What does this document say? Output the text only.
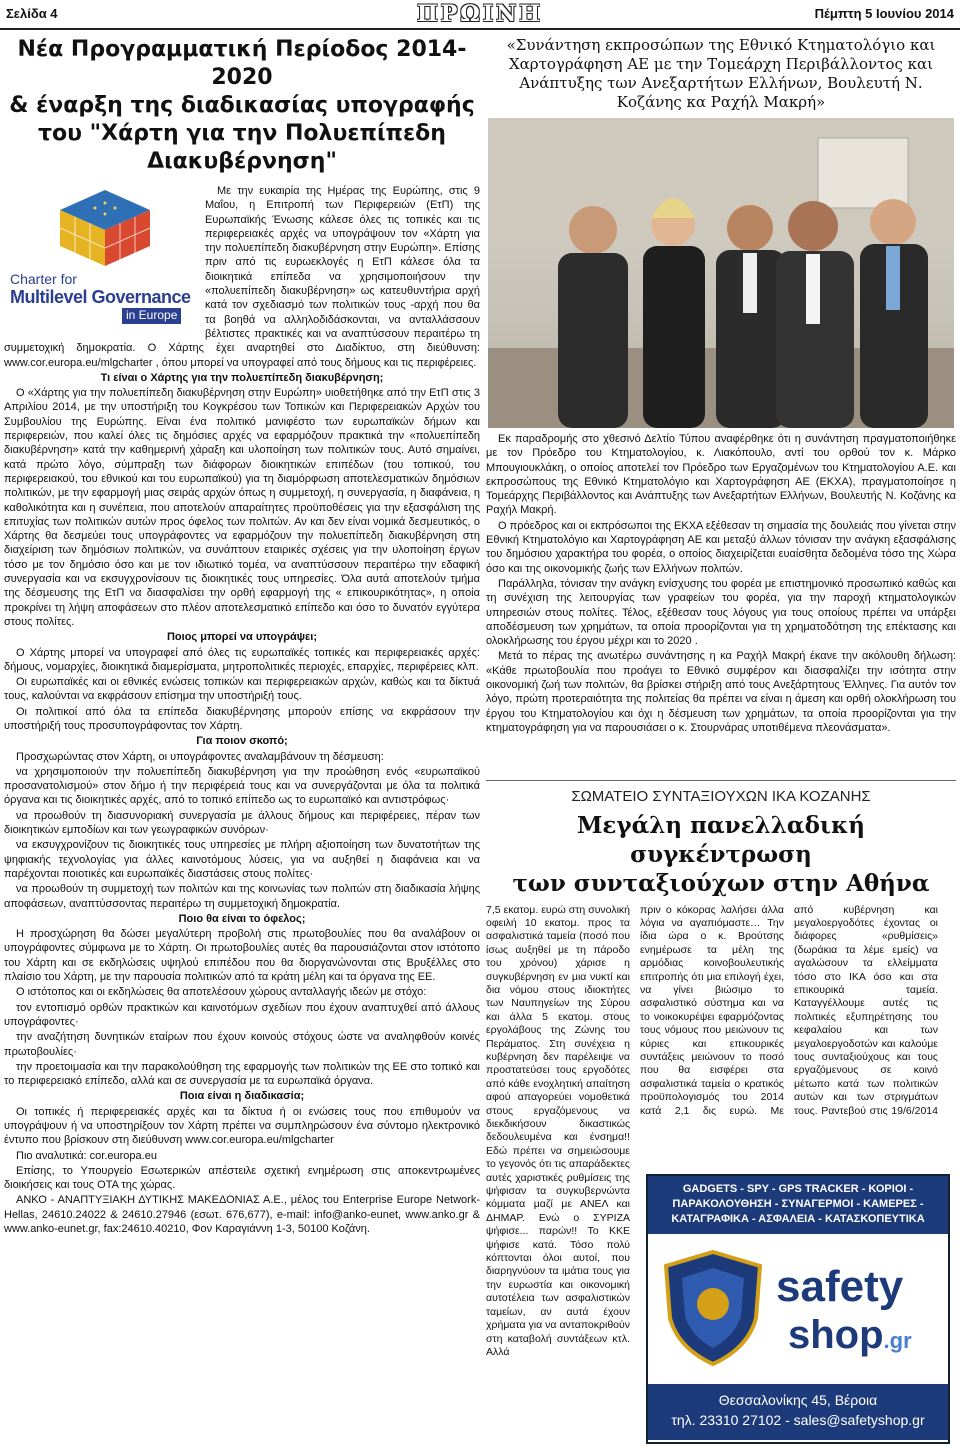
Σελίδα 4	ΠΡΩΙΝΗ	Πέμπτη 5 Ιουνίου 2014
Νέα Προγραμματική Περίοδος 2014-2020
& έναρξη της διαδικασίας υπογραφής
του "Χάρτη για την Πολυεπίπεδη
Διακυβέρνηση"
Charter for
Multilevel Governance
in Europe

Με την ευκαιρία της Ημέρας της Ευρώπης, στις 9 Μαΐου, η Επιτροπή των Περιφερειών (ΕτΠ) της Ευρωπαϊκής Ένωσης κάλεσε όλες τις τοπικές και τις περιφερειακές αρχές να υπογράψουν τον «Χάρτη για την πολυεπίπεδη διακυβέρνηση στην Ευρώπη». Επίσης πριν από τις ευρωεκλογές η ΕτΠ κάλεσε όλα τα διοικητικά επίπεδα να χρησιμοποιήσουν την «πολυεπίπεδη διακυβέρνηση» ως κατευθυντήρια αρχή κατά τον σχεδιασμό των πολιτικών τους -αρχή που θα τα βοηθά να αλληλοδιδάσκονται, να ανταλλάσσουν βέλτιστες πρακτικές και να αναπτύσσουν περαιτέρω τη συμμετοχική δημοκρατία. Ο Χάρτης έχει αναρτηθεί στο Διαδίκτυο, στη διεύθυνση: www.cor.europa.eu/mlgcharter , όπου μπορεί να υπογραφεί από τους δήμους και τις περιφέρειες.

Τι είναι ο Χάρτης για την πολυεπίπεδη διακυβέρνηση;

Ο «Χάρτης για την πολυεπίπεδη διακυβέρνηση στην Ευρώπη» υιοθετήθηκε από την ΕτΠ στις 3 Απριλίου 2014, με την υποστήριξη του Κογκρέσου των Τοπικών και Περιφερειακών Αρχών του Συμβουλίου της Ευρώπης. Είναι ένα πολιτικό μανιφέστο των ευρωπαϊκών δήμων και περιφερειών, που καλεί όλες τις δημόσιες αρχές να εφαρμόζουν πρακτικά την «πολυεπίπεδη διακυβέρνηση» κατά την καθημερινή χάραξη και υλοποίηση των πολιτικών τους. Αυτό σημαίνει, κατά πρώτο λόγο, σύμπραξη των διάφορων διοικητικών επιπέδων (του τοπικού, του περιφερειακού, του εθνικού και του ευρωπαϊκού) για τη διαμόρφωση αποτελεσματικών δημόσιων πολιτικών, με την εφαρμογή μιας σειράς αρχών όπως η συμμετοχή, η συνεργασία, η διαφάνεια, η καθολικότητα και η συνέπεια, που αποτελούν απαραίτητες προϋποθέσεις για την εξασφάλιση της επιτυχίας των πολιτικών αυτών προς όφελος των πολιτών. Αν και δεν είναι νομικά δεσμευτικός, ο Χάρτης θα δεσμεύει τους υπογράφοντες να εφαρμόζουν την πολυεπίπεδη διακυβέρνηση στη διαχείριση των δημόσιων πολιτικών, να συνάπτουν εταιρικές σχέσεις για την υλοποίηση έργων τόσο με τον δημόσιο όσο και με τον ιδιωτικό τομέα, να αναπτύσσουν περαιτέρω την εδαφική συνεργασία και να εκσυγχρονίσουν τις διοικητικές τους υπηρεσίες. Όλα αυτά αποτελούν τμήμα της δέσμευσης της ΕτΠ να διασφαλίσει την ορθή εφαρμογή της « επικουρικότητας», η οποία προκρίνει τη λήψη αποφάσεων στο πλέον αποτελεσματικό επίπεδο και όσο το δυνατόν εγγύτερα στους πολίτες.

Ποιος μπορεί να υπογράψει;

Ο Χάρτης μπορεί να υπογραφεί από όλες τις ευρωπαϊκές τοπικές και περιφερειακές αρχές: δήμους, νομαρχίες, διοικητικά διαμερίσματα, μητροπολιτικές περιοχές, επαρχίες, περιφέρειες κλπ.

Οι ευρωπαϊκές και οι εθνικές ενώσεις τοπικών και περιφερειακών αρχών, καθώς και τα δίκτυά τους, καλούνται να εκφράσουν επίσημα την υποστήριξή τους.

Οι πολιτικοί από όλα τα επίπεδα διακυβέρνησης μπορούν επίσης να εκφράσουν την υποστήριξή τους προσυπογράφοντας τον Χάρτη.

Για ποιον σκοπό;

Προσχωρώντας στον Χάρτη, οι υπογράφοντες αναλαμβάνουν τη δέσμευση:

να χρησιμοποιούν την πολυεπίπεδη διακυβέρνηση για την προώθηση ενός «ευρωπαϊκού προσανατολισμού» στον δήμο ή την περιφέρειά τους και να συνεργάζονται με όλα τα πολιτικά όργανα και τις διοικητικές αρχές, από το τοπικό επίπεδο ως το ευρωπαϊκό και αντιστρόφως·

να προωθούν τη διασυνοριακή συνεργασία με άλλους δήμους και περιφέρειες, πέραν των διοικητικών εμποδίων και των γεωγραφικών συνόρων·

να εκσυγχρονίζουν τις διοικητικές τους υπηρεσίες με πλήρη αξιοποίηση των δυνατοτήτων της ψηφιακής τεχνολογίας για άλλες καινοτόμους λύσεις, για να αυξηθεί η διαφάνεια και να παρέχονται ποιοτικές και ευρωπαϊκές διαστάσεις στους πολίτες·

να προωθούν τη συμμετοχή των πολιτών και της κοινωνίας των πολιτών στη διαδικασία λήψης αποφάσεων, αναπτύσσοντας περαιτέρω τη συμμετοχική δημοκρατία.

Ποιο θα είναι το όφελος;

Η προσχώρηση θα δώσει μεγαλύτερη προβολή στις πρωτοβουλίες που θα αναλάβουν οι υπογράφοντες σύμφωνα με το Χάρτη. Οι πρωτοβουλίες αυτές θα παρουσιάζονται στον ιστότοπο του Χάρτη και σε εκδηλώσεις υψηλού επιπέδου που θα διοργανώνονται στις Βρυξέλλες στο πλαίσιο του Χάρτη, με την παρουσία πολιτικών από τα κράτη μέλη και τα όργανα της ΕΕ.

Ο ιστότοπος και οι εκδηλώσεις θα αποτελέσουν χώρους ανταλλαγής ιδεών με στόχο:

τον εντοπισμό ορθών πρακτικών και καινοτόμων σχεδίων που έχουν αναπτυχθεί από άλλους υπογράφοντες·

την αναζήτηση δυνητικών εταίρων που έχουν κοινούς στόχους ώστε να αναληφθούν κοινές πρωτοβουλίες·

την προετοιμασία και την παρακολούθηση της εφαρμογής των πολιτικών της ΕΕ στο τοπικό και το περιφερειακό επίπεδο, αλλά και σε συνεργασία με τα ευρωπαϊκά όργανα.

Ποια είναι η διαδικασία;

Οι τοπικές ή περιφερειακές αρχές και τα δίκτυα ή οι ενώσεις τους που επιθυμούν να υπογράψουν ή να υποστηρίξουν τον Χάρτη πρέπει να συμπληρώσουν ένα σύντομο ηλεκτρονικό έντυπο που βρίσκουν στη διεύθυνση www.cor.europa.eu/mlgcharter

Πιο αναλυτικά: cor.europa.eu

Επίσης, το Υπουργείο Εσωτερικών απέστειλε σχετική ενημέρωση στις αποκεντρωμένες διοικήσεις και τους ΟΤΑ της χώρας.

ΑΝΚΟ - ΑΝΑΠΤΥΞΙΑΚΗ ΔΥΤΙΚΗΣ ΜΑΚΕΔΟΝΙΑΣ Α.Ε., μέλος του Enterprise Europe Network-Hellas, 24610.24022 & 24610.27946 (εσωτ. 676,677), e-mail: info@anko-eunet, www.anko.gr & www.anko-eunet.gr, fax:24610.40210, Φον Καραγιάννη 1-3, 50100 Κοζάνη.

«Συνάντηση εκπροσώπων της Εθνικό Κτηματολόγιο και Χαρτογράφηση ΑΕ με την Τομεάρχη Περιβάλλοντος και Ανάπτυξης των Ανεξαρτήτων Ελλήνων, Βουλευτή Ν. Κοζάνης κα Ραχήλ Μακρή»

Εκ παραδρομής στο χθεσινό Δελτίο Τύπου αναφέρθηκε ότι η συνάντηση πραγματοποιήθηκε με τον Πρόεδρο του Κτηματολογίου, κ. Λιακόπουλο, αντί του ορθού τον κ. Μάρκο Μπουγιουκλάκη, ο οποίος αποτελεί τον Πρόεδρο των Εργαζομένων του Κτηματολογίου Α.Ε. και εκπροσώπους της Εθνικό Κτηματολόγιο και Χαρτογράφηση ΑΕ (ΕΚΧΑ), πραγματοποίησε η Τομεάρχης Περιβάλλοντος και Ανάπτυξης των Ανεξαρτήτων Ελλήνων, Βουλευτής Ν. Κοζάνης κα Ραχήλ Μακρή.

Ο πρόεδρος και οι εκπρόσωποι της ΕΚΧΑ εξέθεσαν τη σημασία της δουλειάς που γίνεται στην Εθνική Κτηματολόγιο και Χαρτογράφηση ΑΕ και μεταξύ άλλων τόνισαν την ανάγκη εξασφάλισης του δημόσιου χαρακτήρα του φορέα, ο οποίος διαχειρίζεται ευαίσθητα δεδομένα τόσο της Χώρα όσο και της οικονομικής ζωής των Ελλήνων πολιτών.

Παράλληλα, τόνισαν την ανάγκη ενίσχυσης του φορέα με επιστημονικό προσωπικό καθώς και τη συνέχιση της λειτουργίας των γραφείων του φορέα, για την παροχή κτηματολογικών υπηρεσιών στους πολίτες. Τέλος, εξέθεσαν τους λόγους για τους οποίους πρέπει να υπάρξει αποδέσμευση των χρημάτων, τα οποία προορίζονται για τη χρηματοδότηση της επέκτασης και ολοκλήρωσης του έργου μέχρι και το 2020 .

Μετά το πέρας της ανωτέρω συνάντησης η κα Ραχήλ Μακρή έκανε την ακόλουθη δήλωση: «Κάθε πρωτοβουλία που προάγει το Εθνικό συμφέρον και διασφαλίζει την ισότητα στην οικονομική ζωή των πολιτών, θα βρίσκει στήριξη από τους Ανεξάρτητους Έλληνες. Για αυτόν τον λόγο, πρώτη προτεραιότητα της πολιτείας θα πρέπει να είναι η άμεση και ορθή ολοκλήρωση του έργου του Κτηματολογίου και όχι η δέσμευση των χρημάτων, τα οποία προορίζονται για την κτηματογράφηση για να παρουσιάσει ο κ. Στουρνάρας υποτιθέμενα πλεονάσματα».

ΣΩΜΑΤΕΙΟ ΣΥΝΤΑΞΙΟΥΧΩΝ ΙΚΑ ΚΟΖΑΝΗΣ
Μεγάλη πανελλαδική συγκέντρωση
των συνταξιούχων στην Αθήνα
7,5 εκατομ. ευρώ στη συνολική οφειλή 10 εκατομ. προς τα ασφαλιστικά ταμεία (ποσό που ίσως αυξηθεί με τη πάροδο του χρόνου) χάρισε η συγκυβέρνηση εν μια νυκτί και δια νόμου στους ιδιοκτήτες των Ναυπηγείων της Σύρου και άλλα 5 εκατομ. στους εργολάβους της Ζώνης του Περάματος. Στη συνέχεια η κυβέρνηση δεν παρέλειψε να προστατεύσει τους εργοδότες από κάθε ενοχλητική απαίτηση αφού απαγορεύει νομοθετικά στους εργαζόμενους να διεκδικήσουν δικαστικώς δεδουλευμένα και ένσημα!! Εδώ πρέπει να σημειώσουμε το γεγονός ότι τις απαράδεκτες αυτές χαριστικές ρυθμίσεις της ψήφισαν τα συγκυβερνώντα κόμματα μαζί με ΑΝΕΛ και ΔΗΜΑΡ. Ενώ ο ΣΥΡΙΖΑ ψήφισε... παρών!! Το ΚΚΕ ψήφισε κατά. Τόσο πολύ κόπτονται όλοι αυτοί, που διαρηγνύουν τα ιμάτια τους για την ευρωστία και οικονομική αυτοτέλεια των ασφαλιστικών ταμείων, αν αυτά έχουν χρήματα για να ανταποκριθούν στη καταβολή συντάξεων κτλ. Αλλά
πριν ο κόκορας λαλήσει άλλα λόγια να αγαπιόμαστε… Την ίδια ώρα ο κ. Βρούτσης ενημέρωσε τα μέλη της αρμόδιας κοινοβουλευτικής επιτροπής ότι μια επιλογή έχει, να γίνει βιώσιμο το ασφαλιστικό σύστημα και να το νοικοκυρέψει εφαρμόζοντας τους νόμους που μειώνουν τις κύριες και επικουρικές συντάξεις μειώνουν το ποσό που θα εισφέρει στα ασφαλιστικά ταμεία ο κρατικός προϋπολογισμός του 2014 κατά 2,1 δις ευρώ. Με
από κυβέρνηση και μεγαλοεργοδότες έχοντας οι διάφορες «ρυθμίσεις» (δωράκια τα λέμε εμείς) να αγαλώσουν τα ελλείμματα τόσο στο ΙΚΑ όσο και στα επικουρικά ταμεία. Καταγγέλλουμε αυτές τις πολιτικές εξυπηρέτησης του κεφαλαίου και των μεγαλοεργοδοτών και καλούμε τους συνταξιούχους και τους εργαζόμενους σε κοινό μέτωπο κατά των πολιτικών αυτών και των στριγμάτων τους. Ραντεβού στις 19/6/2014
GADGETS - SPY - GPS TRACKER - ΚΟΡΙΟΙ - ΠΑΡΑΚΟΛΟΥΘΗΣΗ - ΣΥΝΑΓΕΡΜΟΙ - ΚΑΜΕΡΕΣ - ΚΑΤΑΓΡΑΦΙΚΑ - ΑΣΦΑΛΕΙΑ - ΚΑΤΑΣΚΟΠΕΥΤΙΚΑ
safety
shop.gr
Θεσσαλονίκης 45, Βέροια
τηλ. 23310 27102 - sales@safetyshop.gr
